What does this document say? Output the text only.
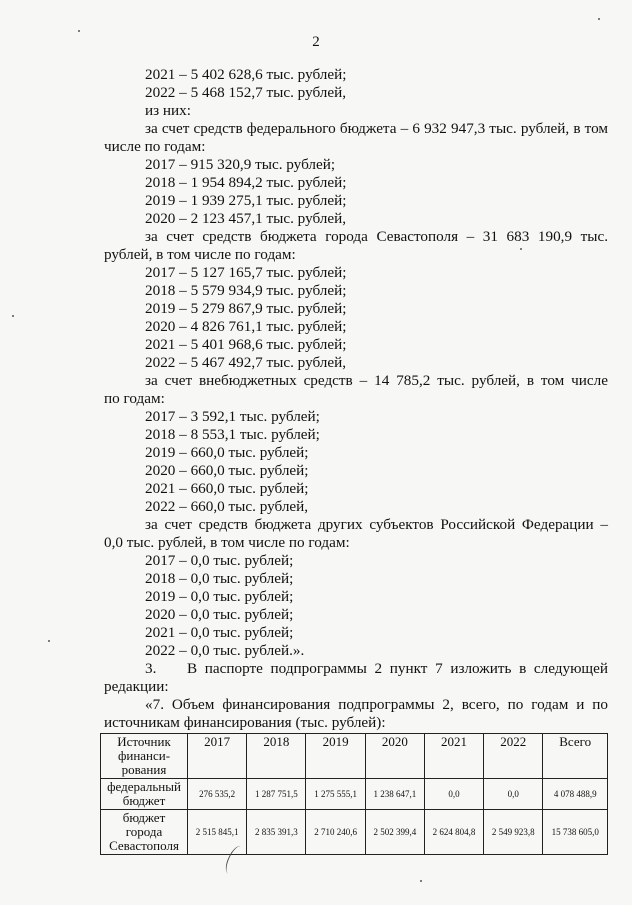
2
2021 – 5 402 628,6 тыс. рублей;
2022 – 5 468 152,7 тыс. рублей,
из них:
за счет средств федерального бюджета – 6 932 947,3 тыс. рублей, в том
числе по годам:
2017 – 915 320,9 тыс. рублей;
2018 – 1 954 894,2 тыс. рублей;
2019 – 1 939 275,1 тыс. рублей;
2020 – 2 123 457,1 тыс. рублей,
за счет средств бюджета города Севастополя – 31 683 190,9 тыс.
рублей, в том числе по годам:
2017 – 5 127 165,7 тыс. рублей;
2018 – 5 579 934,9 тыс. рублей;
2019 – 5 279 867,9 тыс. рублей;
2020 – 4 826 761,1 тыс. рублей;
2021 – 5 401 968,6 тыс. рублей;
2022 – 5 467 492,7 тыс. рублей,
за счет внебюджетных средств – 14 785,2 тыс. рублей, в том числе
по годам:
2017 – 3 592,1 тыс. рублей;
2018 – 8 553,1 тыс. рублей;
2019 – 660,0 тыс. рублей;
2020 – 660,0 тыс. рублей;
2021 – 660,0 тыс. рублей;
2022 – 660,0 тыс. рублей,
за счет средств бюджета других субъектов Российской Федерации –
0,0 тыс. рублей, в том числе по годам:
2017 – 0,0 тыс. рублей;
2018 – 0,0 тыс. рублей;
2019 – 0,0 тыс. рублей;
2020 – 0,0 тыс. рублей;
2021 – 0,0 тыс. рублей;
2022 – 0,0 тыс. рублей.».
3.    В паспорте подпрограммы 2 пункт 7 изложить в следующей
редакции:
«7. Объем финансирования подпрограммы 2, всего, по годам и по
источникам финансирования (тыс. рублей):
Источник финанси-рования	2017	2018	2019	2020	2021	2022	Всего
федеральный бюджет	276 535,2	1 287 751,5	1 275 555,1	1 238 647,1	0,0	0,0	4 078 488,9
бюджет города Севастополя	2 515 845,1	2 835 391,3	2 710 240,6	2 502 399,4	2 624 804,8	2 549 923,8	15 738 605,0
